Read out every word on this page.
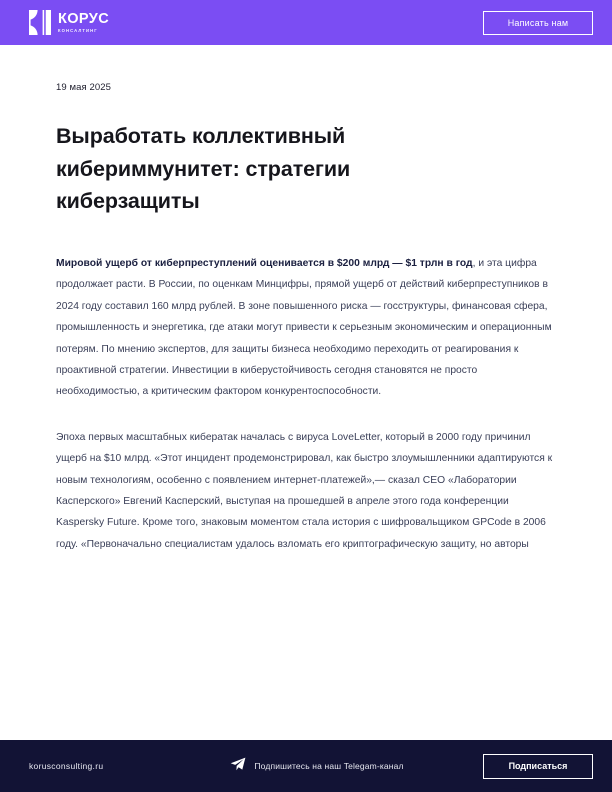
КОРУС
КОНСАЛТИНГ
Написать нам
19 мая 2025
Выработать коллективный кибериммунитет: стратегии киберзащиты

Мировой ущерб от киберпреступлений оценивается в $200 млрд — $1 трлн в год, и эта цифра продолжает расти. В России, по оценкам Минцифры, прямой ущерб от действий киберпреступников в 2024 году составил 160 млрд рублей. В зоне повышенного риска — госструктуры, финансовая сфера, промышленность и энергетика, где атаки могут привести к серьезным экономическим и операционным потерям. По мнению экспертов, для защиты бизнеса необходимо переходить от реагирования к проактивной стратегии. Инвестиции в киберустойчивость сегодня становятся не просто необходимостью, а критическим фактором конкурентоспособности.

Эпоха первых масштабных кибератак началась с вируса LoveLetter, который в 2000 году причинил ущерб на $10 млрд. «Этот инцидент продемонстрировал, как быстро злоумышленники адаптируются к новым технологиям, особенно с появлением интернет-платежей»,— сказал CEO «Лаборатории Касперского» Евгений Касперский, выступая на прошедшей в апреле этого года конференции Kaspersky Future. Кроме того, знаковым моментом стала история с шифровальщиком GPCode в 2006 году. «Первоначально специалистам удалось взломать его криптографическую защиту, но авторы

korusconsulting.ru	Подпишитесь на наш Telegam-канал	Подписаться
